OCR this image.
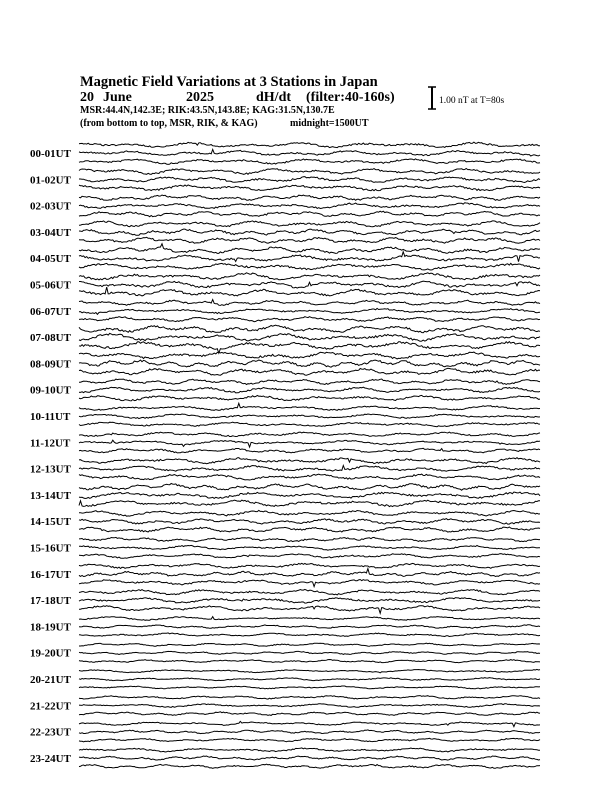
Magnetic Field Variations at 3 Stations in Japan
20 June	2025	dH/dt (filter:40-160s)
MSR:44.4N,142.3E; RIK:43.5N,143.8E; KAG:31.5N,130.7E
(from bottom to top, MSR, RIK, & KAG)	midnight=1500UT
1.00 nT at T=80s
00-01UT
01-02UT
02-03UT
03-04UT
04-05UT
05-06UT
06-07UT
07-08UT
08-09UT
09-10UT
10-11UT
11-12UT
12-13UT
13-14UT
14-15UT
15-16UT
16-17UT
17-18UT
18-19UT
19-20UT
20-21UT
21-22UT
22-23UT
23-24UT
